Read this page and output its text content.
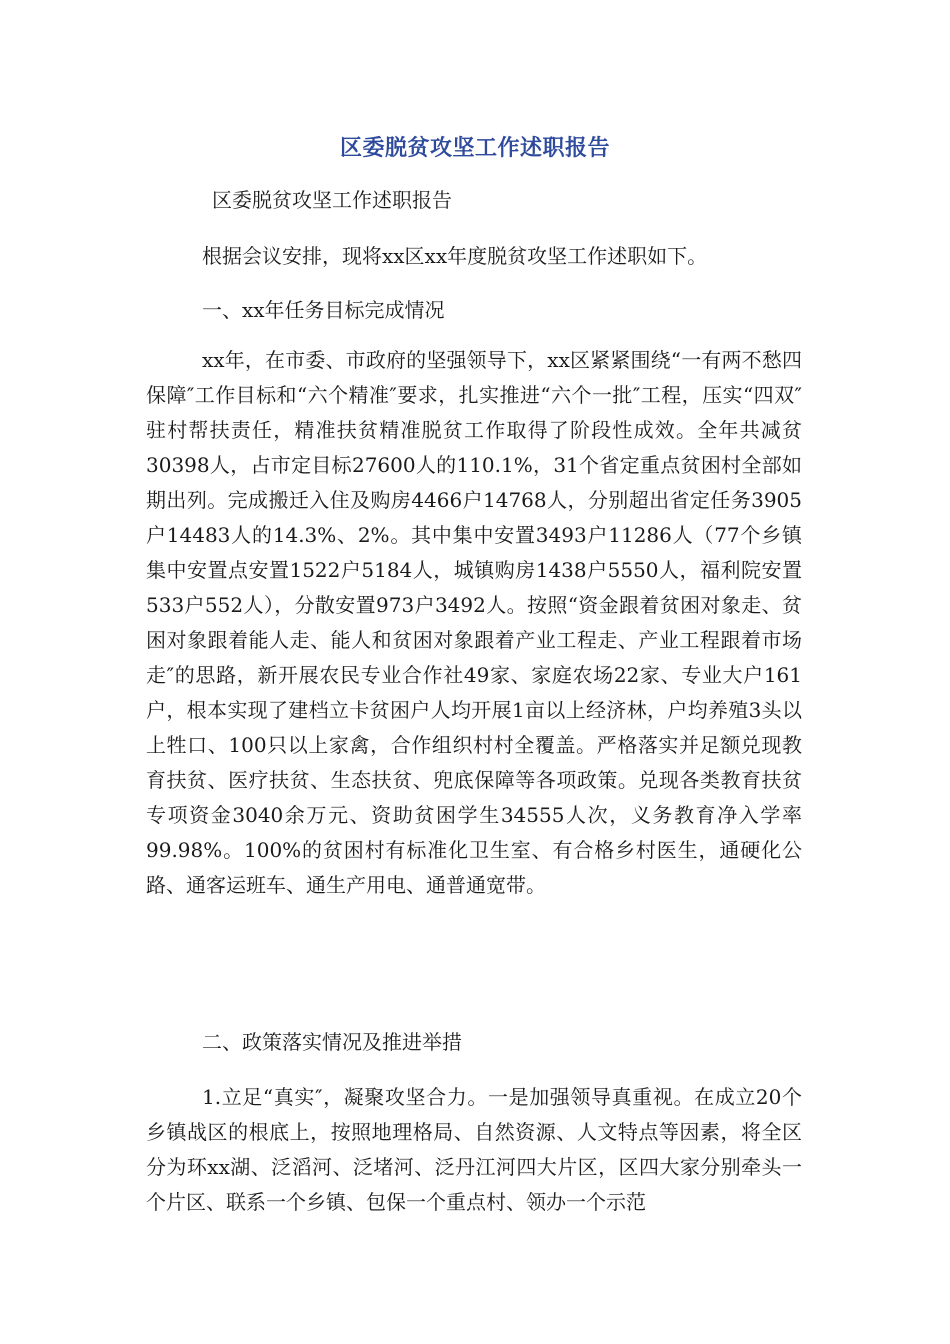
区委脱贫攻坚工作述职报告
区委脱贫攻坚工作述职报告
根据会议安排，现将xx区xx年度脱贫攻坚工作述职如下。
一、xx年任务目标完成情况
xx年，在市委、市政府的坚强领导下，xx区紧紧围绕“一有两不愁四保障″工作目标和“六个精准″要求，扎实推进“六个一批″工程，压实“四双″驻村帮扶责任，精准扶贫精准脱贫工作取得了阶段性成效。全年共减贫30398人，占市定目标27600人的110.1%，31个省定重点贫困村全部如期出列。完成搬迁入住及购房4466户14768人，分别超出省定任务3905户14483人的14.3%、2%。其中集中安置3493户11286人（77个乡镇集中安置点安置1522户5184人，城镇购房1438户5550人，福利院安置533户552人），分散安置973户3492人。按照“资金跟着贫困对象走、贫困对象跟着能人走、能人和贫困对象跟着产业工程走、产业工程跟着市场走″的思路，新开展农民专业合作社49家、家庭农场22家、专业大户161户，根本实现了建档立卡贫困户人均开展1亩以上经济林，户均养殖3头以上牲口、100只以上家禽，合作组织村村全覆盖。严格落实并足额兑现教育扶贫、医疗扶贫、生态扶贫、兜底保障等各项政策。兑现各类教育扶贫专项资金3040余万元、资助贫困学生34555人次，义务教育净入学率99.98%。100%的贫困村有标准化卫生室、有合格乡村医生，通硬化公路、通客运班车、通生产用电、通普通宽带。
二、政策落实情况及推进举措
1.立足“真实″，凝聚攻坚合力。一是加强领导真重视。在成立20个乡镇战区的根底上，按照地理格局、自然资源、人文特点等因素，将全区分为环xx湖、泛滔河、泛堵河、泛丹江河四大片区，区四大家分别牵头一个片区、联系一个乡镇、包保一个重点村、领办一个示范
